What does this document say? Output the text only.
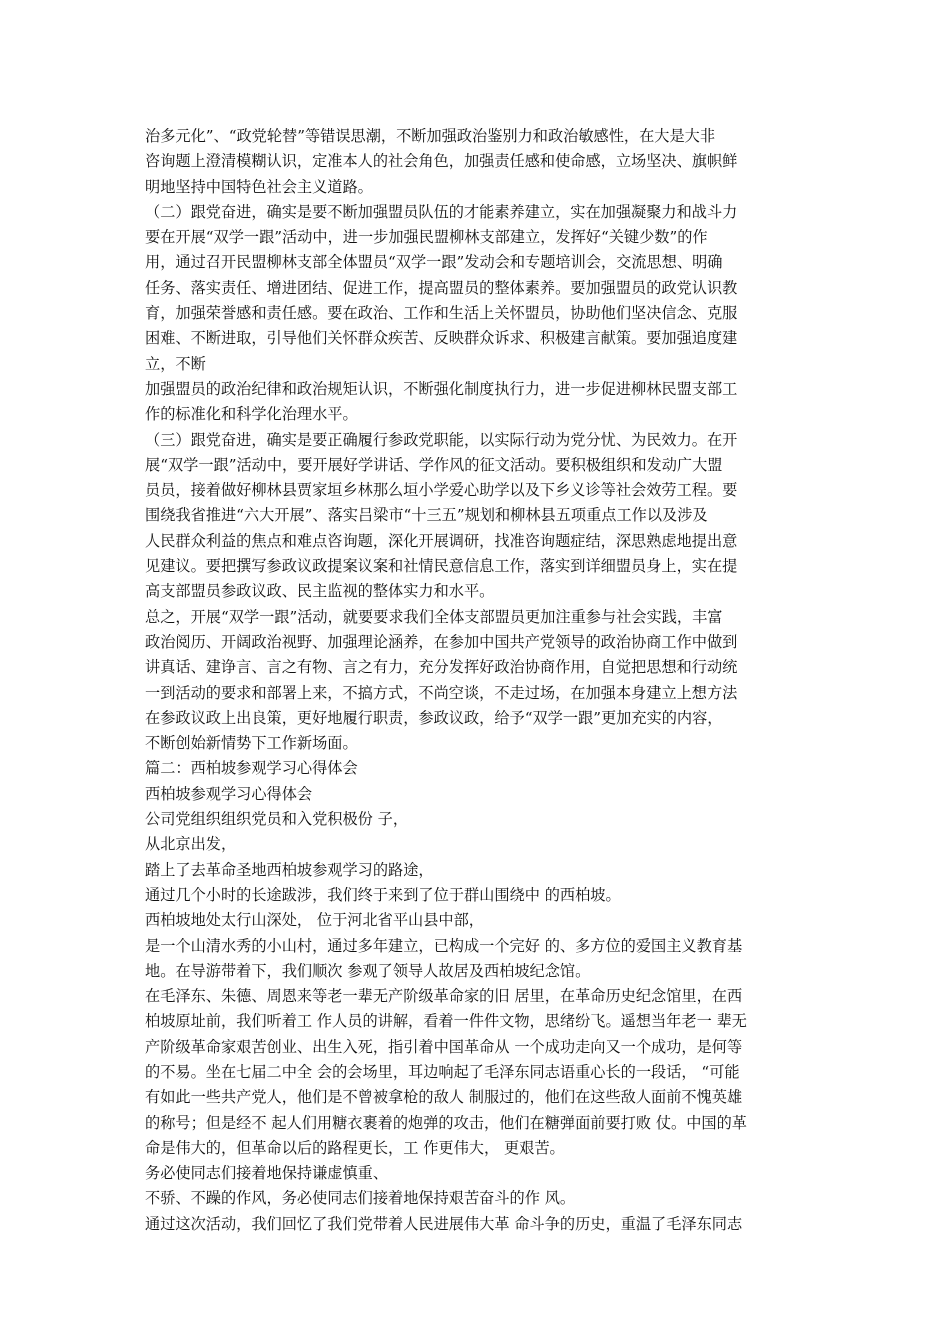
治多元化”、“政党轮替”等错误思潮，不断加强政治鉴别力和政治敏感性，在大是大非
咨询题上澄清模糊认识，定准本人的社会角色，加强责任感和使命感，立场坚决、旗帜鲜
明地坚持中国特色社会主义道路。
（二）跟党奋进，确实是要不断加强盟员队伍的才能素养建立，实在加强凝聚力和战斗力
要在开展“双学一跟”活动中，进一步加强民盟柳林支部建立，发挥好“关键少数”的作
用，通过召开民盟柳林支部全体盟员“双学一跟”发动会和专题培训会，交流思想、明确
任务、落实责任、增进团结、促进工作，提高盟员的整体素养。要加强盟员的政党认识教
育，加强荣誉感和责任感。要在政治、工作和生活上关怀盟员，协助他们坚决信念、克服
困难、不断进取，引导他们关怀群众疾苦、反映群众诉求、积极建言献策。要加强追度建
立，不断
加强盟员的政治纪律和政治规矩认识，不断强化制度执行力，进一步促进柳林民盟支部工
作的标准化和科学化治理水平。
（三）跟党奋进，确实是要正确履行参政党职能，以实际行动为党分忧、为民效力。在开
展“双学一跟”活动中，要开展好学讲话、学作风的征文活动。要积极组织和发动广大盟
员员，接着做好柳林县贾家垣乡林那么垣小学爱心助学以及下乡义诊等社会效劳工程。要
围绕我省推进“六大开展”、落实吕梁市“十三五”规划和柳林县五项重点工作以及涉及
人民群众利益的焦点和难点咨询题，深化开展调研，找准咨询题症结，深思熟虑地提出意
见建议。要把撰写参政议政提案议案和社情民意信息工作，落实到详细盟员身上，实在提
高支部盟员参政议政、民主监视的整体实力和水平。
总之，开展“双学一跟”活动，就要要求我们全体支部盟员更加注重参与社会实践，丰富
政治阅历、开阔政治视野、加强理论涵养，在参加中国共产党领导的政治协商工作中做到
讲真话、建诤言、言之有物、言之有力，充分发挥好政治协商作用，自觉把思想和行动统
一到活动的要求和部署上来，不搞方式，不尚空谈，不走过场，在加强本身建立上想方法
在参政议政上出良策，更好地履行职责，参政议政，给予“双学一跟”更加充实的内容，
不断创始新情势下工作新场面。
篇二：西柏坡参观学习心得体会
西柏坡参观学习心得体会
公司党组织组织党员和入党积极份 子，
从北京出发，
踏上了去革命圣地西柏坡参观学习的路途，
通过几个小时的长途跋涉，我们终于来到了位于群山围绕中 的西柏坡。
西柏坡地处太行山深处， 位于河北省平山县中部，
是一个山清水秀的小山村，通过多年建立，已构成一个完好 的、多方位的爱国主义教育基
地。在导游带着下，我们顺次 参观了领导人故居及西柏坡纪念馆。
在毛泽东、朱德、周恩来等老一辈无产阶级革命家的旧 居里，在革命历史纪念馆里，在西
柏坡原址前，我们听着工 作人员的讲解，看着一件件文物，思绪纷飞。遥想当年老一 辈无
产阶级革命家艰苦创业、出生入死，指引着中国革命从 一个成功走向又一个成功，是何等
的不易。坐在七届二中全 会的会场里，耳边响起了毛泽东同志语重心长的一段话， “可能
有如此一些共产党人，他们是不曾被拿枪的敌人 制服过的，他们在这些敌人面前不愧英雄
的称号；但是经不 起人们用糖衣裹着的炮弹的攻击，他们在糖弹面前要打败 仗。中国的革
命是伟大的，但革命以后的路程更长，工 作更伟大， 更艰苦。
务必使同志们接着地保持谦虚慎重、
不骄、不躁的作风，务必使同志们接着地保持艰苦奋斗的作 风。
通过这次活动，我们回忆了我们党带着人民进展伟大革 命斗争的历史，重温了毛泽东同志
